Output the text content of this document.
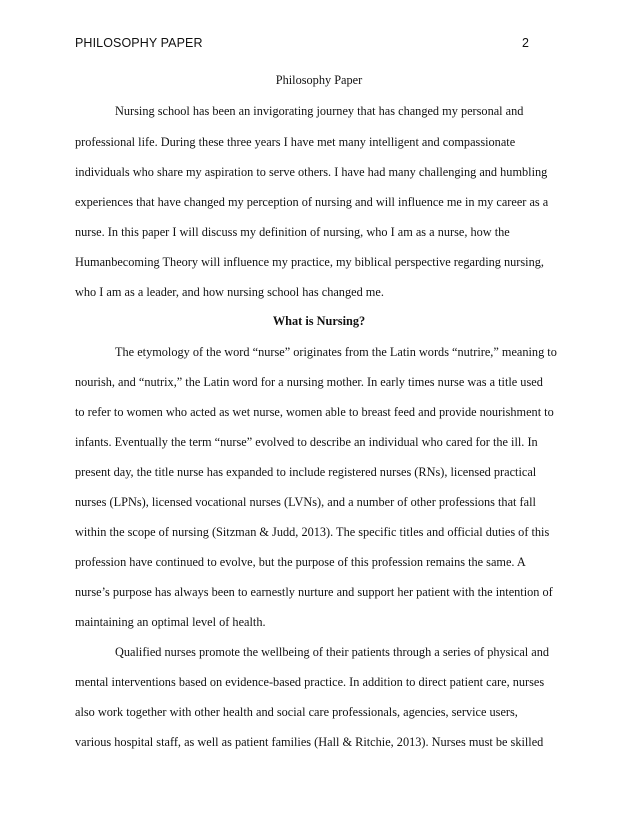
PHILOSOPHY PAPER	2
Philosophy Paper
Nursing school has been an invigorating journey that has changed my personal and
professional life. During these three years I have met many intelligent and compassionate
individuals who share my aspiration to serve others. I have had many challenging and humbling
experiences that have changed my perception of nursing and will influence me in my career as a
nurse. In this paper I will discuss my definition of nursing, who I am as a nurse, how the
Humanbecoming Theory will influence my practice, my biblical perspective regarding nursing,
who I am as a leader, and how nursing school has changed me.
What is Nursing?
The etymology of the word “nurse” originates from the Latin words “nutrire,” meaning to
nourish, and “nutrix,” the Latin word for a nursing mother. In early times nurse was a title used
to refer to women who acted as wet nurse, women able to breast feed and provide nourishment to
infants. Eventually the term “nurse” evolved to describe an individual who cared for the ill. In
present day, the title nurse has expanded to include registered nurses (RNs), licensed practical
nurses (LPNs), licensed vocational nurses (LVNs), and a number of other professions that fall
within the scope of nursing (Sitzman & Judd, 2013). The specific titles and official duties of this
profession have continued to evolve, but the purpose of this profession remains the same. A
nurse’s purpose has always been to earnestly nurture and support her patient with the intention of
maintaining an optimal level of health.
Qualified nurses promote the wellbeing of their patients through a series of physical and
mental interventions based on evidence-based practice. In addition to direct patient care, nurses
also work together with other health and social care professionals, agencies, service users,
various hospital staff, as well as patient families (Hall & Ritchie, 2013). Nurses must be skilled
